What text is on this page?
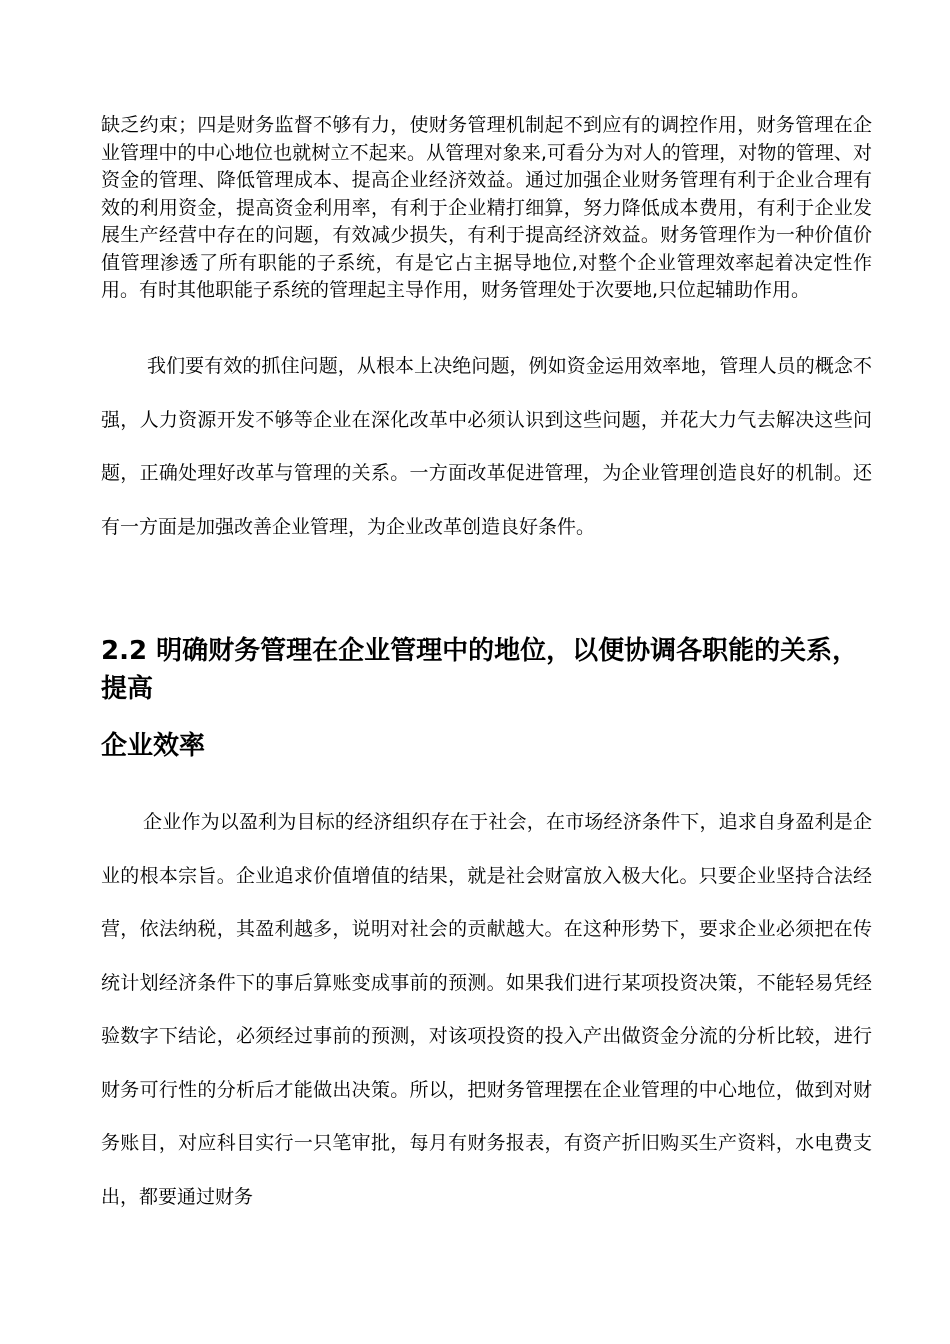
缺乏约束；四是财务监督不够有力，使财务管理机制起不到应有的调控作用，财务管理在企业管理中的中心地位也就树立不起来。从管理对象来,可看分为对人的管理，对物的管理、对资金的管理、降低管理成本、提高企业经济效益。通过加强企业财务管理有利于企业合理有效的利用资金，提高资金利用率，有利于企业精打细算，努力降低成本费用，有利于企业发展生产经营中存在的问题，有效减少损失，有利于提高经济效益。财务管理作为一种价值价值管理渗透了所有职能的子系统，有是它占主据导地位,对整个企业管理效率起着决定性作用。有时其他职能子系统的管理起主导作用，财务管理处于次要地,只位起辅助作用。

我们要有效的抓住问题，从根本上决绝问题，例如资金运用效率地，管理人员的概念不强，人力资源开发不够等企业在深化改革中必须认识到这些问题，并花大力气去解决这些问题，正确处理好改革与管理的关系。一方面改革促进管理，为企业管理创造良好的机制。还有一方面是加强改善企业管理，为企业改革创造良好条件。

2.2 明确财务管理在企业管理中的地位，以便协调各职能的关系，提高
企业效率

企业作为以盈利为目标的经济组织存在于社会，在市场经济条件下，追求自身盈利是企业的根本宗旨。企业追求价值增值的结果，就是社会财富放入极大化。只要企业坚持合法经营，依法纳税，其盈利越多，说明对社会的贡献越大。在这种形势下，要求企业必须把在传统计划经济条件下的事后算账变成事前的预测。如果我们进行某项投资决策，不能轻易凭经验数字下结论，必须经过事前的预测，对该项投资的投入产出做资金分流的分析比较，进行财务可行性的分析后才能做出决策。所以，把财务管理摆在企业管理的中心地位，做到对财务账目，对应科目实行一只笔审批，每月有财务报表，有资产折旧购买生产资料，水电费支出，都要通过财务
